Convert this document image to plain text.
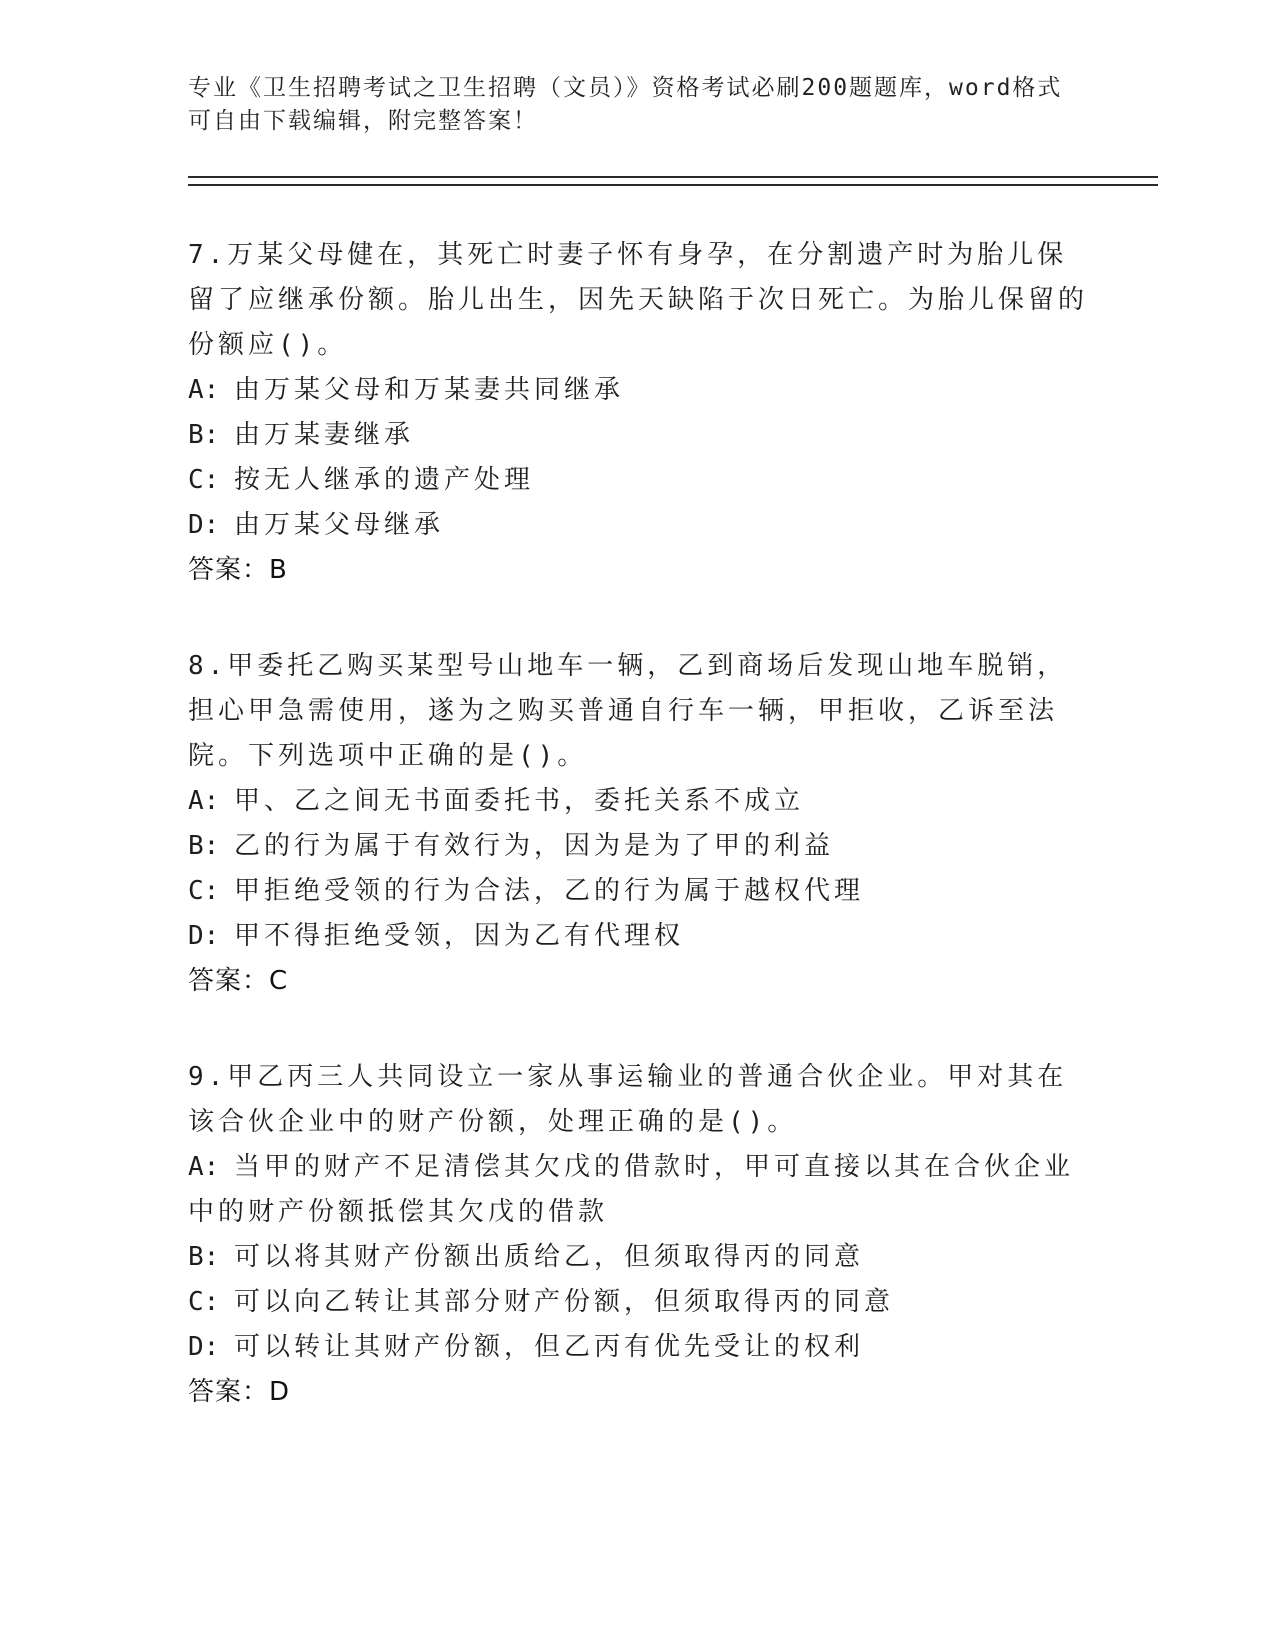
专业《卫生招聘考试之卫生招聘（文员）》资格考试必刷200题题库，word格式可自由下载编辑，附完整答案！
7.万某父母健在，其死亡时妻子怀有身孕，在分割遗产时为胎儿保留了应继承份额。胎儿出生，因先天缺陷于次日死亡。为胎儿保留的份额应()。
A: 由万某父母和万某妻共同继承
B: 由万某妻继承
C: 按无人继承的遗产处理
D: 由万某父母继承
答案：B
8.甲委托乙购买某型号山地车一辆，乙到商场后发现山地车脱销，担心甲急需使用，遂为之购买普通自行车一辆，甲拒收，乙诉至法院。下列选项中正确的是()。
A: 甲、乙之间无书面委托书，委托关系不成立
B: 乙的行为属于有效行为，因为是为了甲的利益
C: 甲拒绝受领的行为合法，乙的行为属于越权代理
D: 甲不得拒绝受领，因为乙有代理权
答案：C
9.甲乙丙三人共同设立一家从事运输业的普通合伙企业。甲对其在该合伙企业中的财产份额，处理正确的是()。
A: 当甲的财产不足清偿其欠戊的借款时，甲可直接以其在合伙企业中的财产份额抵偿其欠戊的借款
B: 可以将其财产份额出质给乙，但须取得丙的同意
C: 可以向乙转让其部分财产份额，但须取得丙的同意
D: 可以转让其财产份额，但乙丙有优先受让的权利
答案：D
